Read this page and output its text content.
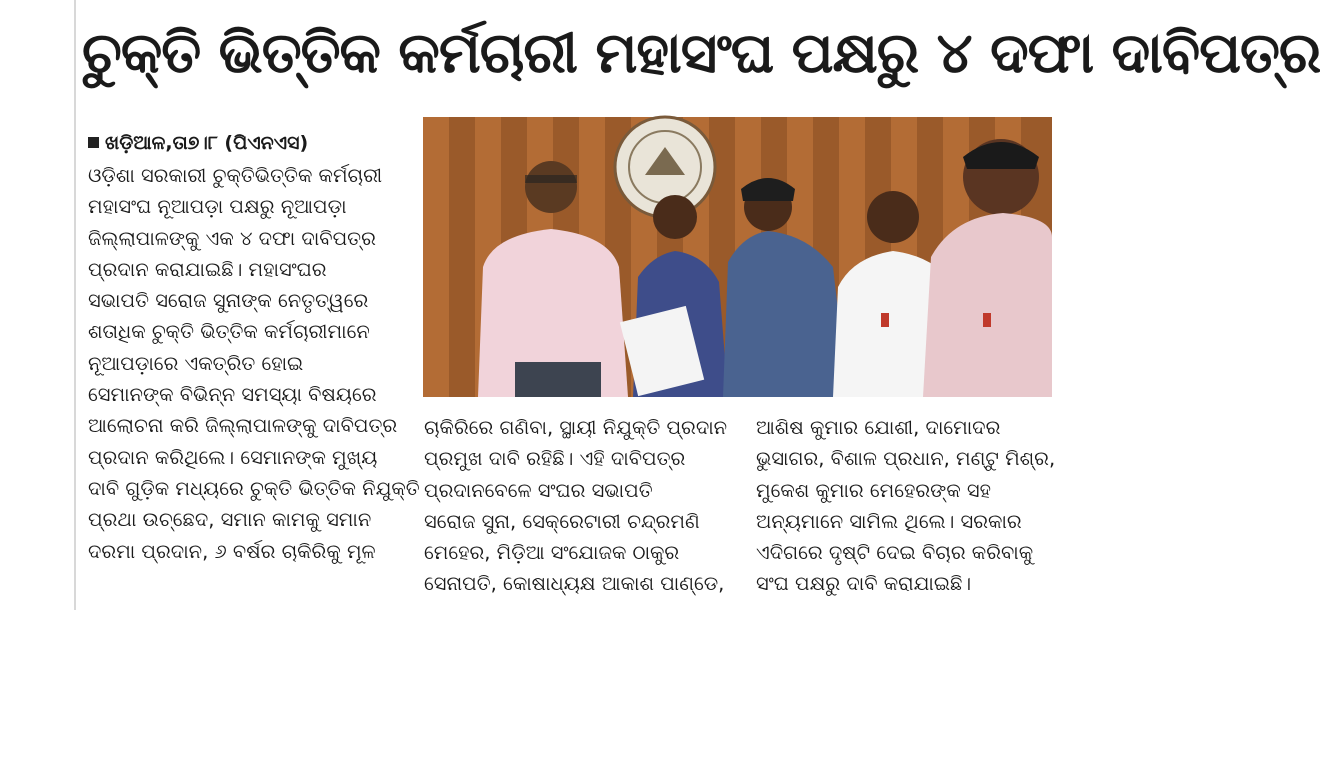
ଚୁକ୍ତି ଭିତ୍ତିକ କର୍ମଚାରୀ ମହାସଂଘ ପକ୍ଷରୁ ୪ ଦଫା ଦାବିପତ୍ର
ଖଡ଼ିଆଳ,ତା୭।୮ (ପିଏନଏସ)
ଓଡ଼ିଶା ସରକାରୀ ଚୁକ୍ତିଭିତ୍ତିକ କର୍ମଚାରୀ
ମହାସଂଘ ନୂଆପଡ଼ା ପକ୍ଷରୁ ନୂଆପଡ଼ା
ଜିଲ୍ଲାପାଳଙ୍କୁ ଏକ ୪ ଦଫା ଦାବିପତ୍ର
ପ୍ରଦାନ କରାଯାଇଛି। ମହାସଂଘର
ସଭାପତି ସରୋଜ ସୁନାଙ୍କ ନେତୃତ୍ୱରେ
ଶତାଧିକ ଚୁକ୍ତି ଭିତ୍ତିକ କର୍ମଚାରୀମାନେ
ନୂଆପଡ଼ାରେ ଏକତ୍ରିତ ହୋଇ
ସେମାନଙ୍କ ବିଭିନ୍ନ ସମସ୍ୟା ବିଷୟରେ
ଆଲୋଚନା କରି ଜିଲ୍ଲାପାଳଙ୍କୁ ଦାବିପତ୍ର
ପ୍ରଦାନ କରିଥିଲେ। ସେମାନଙ୍କ ମୁଖ୍ୟ
ଦାବି ଗୁଡ଼ିକ ମଧ୍ୟରେ ଚୁକ୍ତି ଭିତ୍ତିକ ନିଯୁକ୍ତି
ପ୍ରଥା ଉଚ୍ଛେଦ, ସମାନ କାମକୁ ସମାନ
ଦରମା ପ୍ରଦାନ, ୬ ବର୍ଷର ଚାକିରିକୁ ମୂଳ
ଚାକିରିରେ ଗଣିବା, ସ୍ଥାୟୀ ନିଯୁକ୍ତି ପ୍ରଦାନ
ପ୍ରମୁଖ ଦାବି ରହିଛି। ଏହି ଦାବିପତ୍ର
ପ୍ରଦାନବେଳେ ସଂଘର ସଭାପତି
ସରୋଜ ସୁନା, ସେକ୍ରେଟାରୀ ଚନ୍ଦ୍ରମଣି
ମେହେର, ମିଡ଼ିଆ ସଂଯୋଜକ ଠାକୁର
ସେନାପତି, କୋଷାଧ୍ୟକ୍ଷ ଆକାଶ ପାଣ୍ଡେ,
ଆଶିଷ କୁମାର ଯୋଶୀ, ଦାମୋଦର
ଭୁସାଗର, ବିଶାଳ ପ୍ରଧାନ, ମଣ୍ଟୁ ମିଶ୍ର,
ମୁକେଶ କୁମାର ମେହେରଙ୍କ ସହ
ଅନ୍ୟମାନେ ସାମିଲ ଥିଲେ। ସରକାର
ଏଦିଗରେ ଦୃଷ୍ଟି ଦେଇ ବିଚାର କରିବାକୁ
ସଂଘ ପକ୍ଷରୁ ଦାବି କରାଯାଇଛି।
